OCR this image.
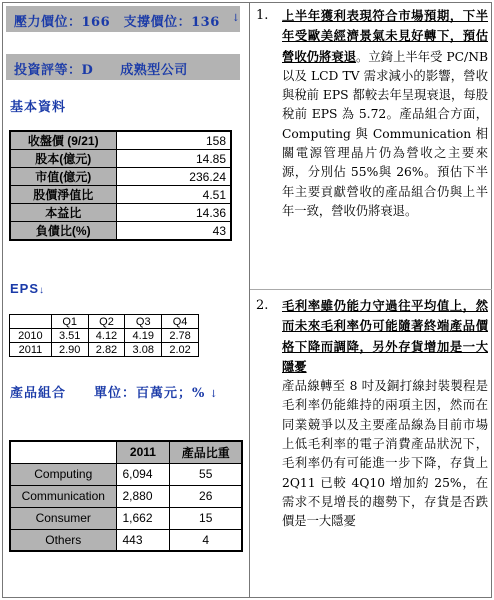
壓力價位：166　支撐價位：136 ↓
投資評等：D　　成熟型公司
基本資料
收盤價 (9/21)	158
股本(億元)	14.85
市值(億元)	236.24
股價淨值比	4.51
本益比	14.36
負債比(%)	43
EPS↓
	Q1	Q2	Q3	Q4
2010	3.51	4.12	4.19	2.78
2011	2.90	2.82	3.08	2.02
產品組合　　單位：百萬元；% ↓
	2011	產品比重
Computing	6,094	55
Communication	2,880	26
Consumer	1,662	15
Others	443	4
1. 上半年獲利表現符合市場預期，下半年受歐美經濟景氣未見好轉下，預估營收仍將衰退。立錡上半年受 PC/NB 以及 LCD TV 需求減小的影響，營收與稅前 EPS 都較去年呈現衰退，每股稅前 EPS 為 5.72。產品組合方面，Computing 與 Communication 相關電源管理晶片仍為營收之主要來源，分別佔 55%與 26%。預估下半年主要貢獻營收的產品組合仍與上半年一致，營收仍將衰退。
2. 毛利率雖仍能力守過往平均值上，然而未來毛利率仍可能隨著終端產品價格下降而調降，另外存貨增加是一大隱憂
產品線轉至 8 吋及銅打線封裝製程是毛利率仍能維持的兩項主因，然而在同業競爭以及主要產品線為目前市場上低毛利率的電子消費產品狀況下，毛利率仍有可能進一步下降，存貨上 2Q11 已較 4Q10 增加約 25%，在需求不見增長的趨勢下，存貨是否跌價是一大隱憂
